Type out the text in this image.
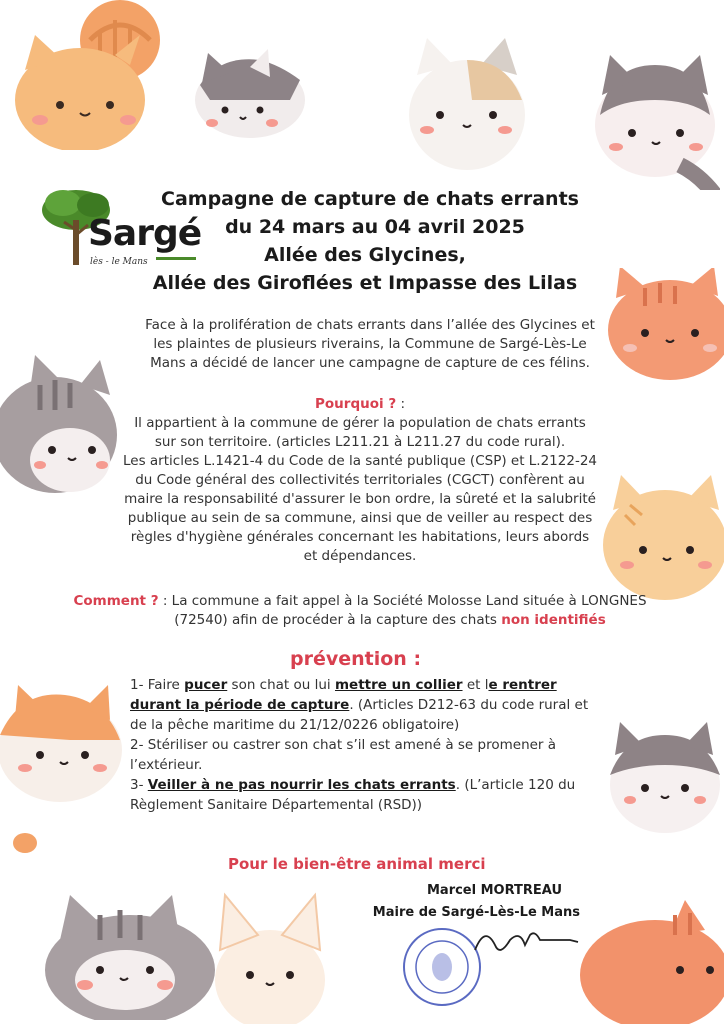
Sargé
lès - le Mans
Campagne de capture de chats errants
du 24 mars au 04 avril 2025
Allée des Glycines,
Allée des Giroflées et Impasse des Lilas
Face à la prolifération de chats errants dans l’allée des Glycines et
les plaintes de plusieurs riverains, la Commune de Sargé-Lès-Le
Mans a décidé de lancer une campagne de capture de ces félins.
Pourquoi ? :
Il appartient à la commune de gérer la population de chats errants
sur son territoire. (articles L211.21 à L211.27 du code rural).
Les articles L.1421-4 du Code de la santé publique (CSP) et L.2122-24
du Code général des collectivités territoriales (CGCT) confèrent au
maire la responsabilité d'assurer le bon ordre, la sûreté et la salubrité
publique au sein de sa commune, ainsi que de veiller au respect des
règles d'hygiène générales concernant les habitations, leurs abords
et dépendances.
Comment ? : La commune a fait appel à la Société Molosse Land située à LONGNES
(72540) afin de procéder à la capture des chats non identifiés
prévention :
1- Faire pucer son chat ou lui mettre un collier et le rentrer
durant la période de capture. (Articles D212-63 du code rural et
de la pêche maritime du 21/12/0226 obligatoire)
2- Stériliser ou castrer son chat s’il est amené à se promener à
l’extérieur.
3- Veiller à ne pas nourrir les chats errants. (L’article 120 du
Règlement Sanitaire Départemental (RSD))
Pour le bien-être animal merci
Marcel MORTREAU
Maire de Sargé-Lès-Le Mans
